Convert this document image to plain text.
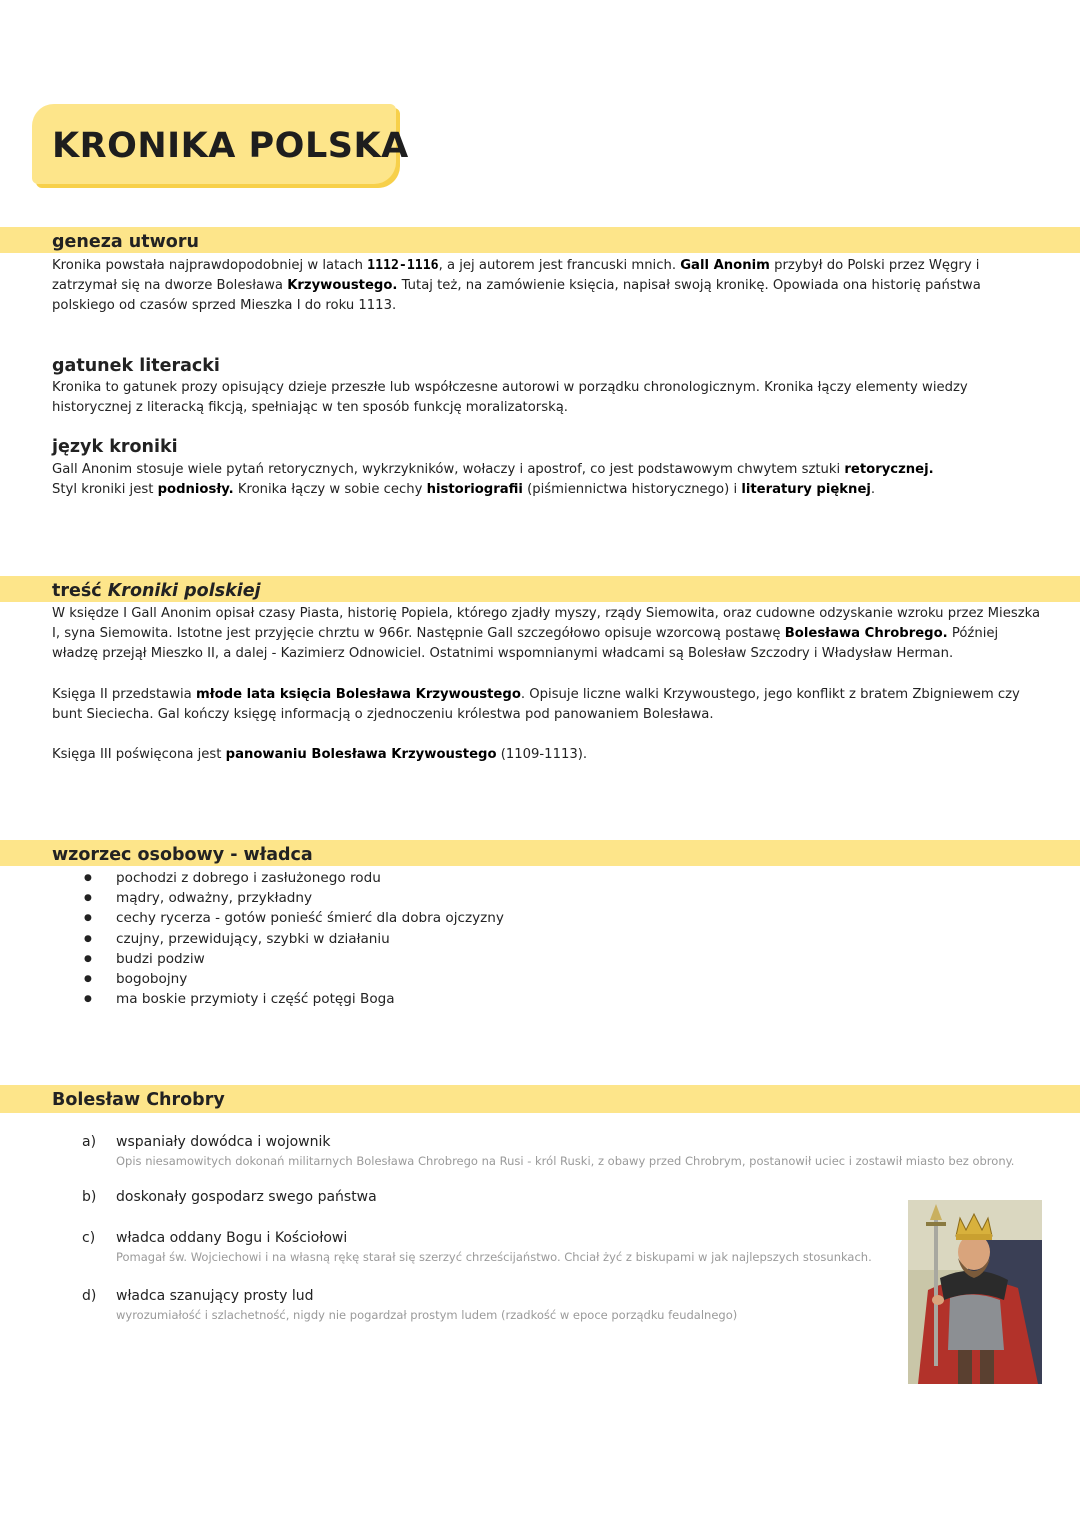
KRONIKA POLSKA
geneza utworu

Kronika powstała najprawdopodobniej w latach 1112-1116, a jej autorem jest francuski mnich. Gall Anonim przybył do Polski przez Węgry i zatrzymał się na dworze Bolesława Krzywoustego. Tutaj też, na zamówienie księcia, napisał swoją kronikę. Opowiada ona historię państwa polskiego od czasów sprzed Mieszka I do roku 1113.

gatunek literacki

Kronika to gatunek prozy opisujący dzieje przeszłe lub współczesne autorowi w porządku chronologicznym. Kronika łączy elementy wiedzy historycznej z literacką fikcją, spełniając w ten sposób funkcję moralizatorską.

język kroniki

Gall Anonim stosuje wiele pytań retorycznych, wykrzykników, wołaczy i apostrof, co jest podstawowym chwytem sztuki retorycznej.
Styl kroniki jest podniosły. Kronika łączy w sobie cechy historiografii (piśmiennictwa historycznego) i literatury pięknej.

treść Kroniki polskiej

W księdze I Gall Anonim opisał czasy Piasta, historię Popiela, którego zjadły myszy, rządy Siemowita, oraz cudowne odzyskanie wzroku przez Mieszka I, syna Siemowita. Istotne jest przyjęcie chrztu w 966r. Następnie Gall szczegółowo opisuje wzorcową postawę Bolesława Chrobrego. Później władzę przejął Mieszko II, a dalej - Kazimierz Odnowiciel. Ostatnimi wspomnianymi władcami są Bolesław Szczodry i Władysław Herman.

Księga II przedstawia młode lata księcia Bolesława Krzywoustego. Opisuje liczne walki Krzywoustego, jego konflikt z bratem Zbigniewem czy bunt Sieciecha. Gal kończy księgę informacją o zjednoczeniu królestwa pod panowaniem Bolesława.

Księga III poświęcona jest panowaniu Bolesława Krzywoustego (1109-1113).

wzorzec osobowy - władca
● pochodzi z dobrego i zasłużonego rodu
● mądry, odważny, przykładny
● cechy rycerza - gotów ponieść śmierć dla dobra ojczyzny
● czujny, przewidujący, szybki w działaniu
● budzi podziw
● bogobojny
● ma boskie przymioty i część potęgi Boga
Bolesław Chrobry
a) wspaniały dowódca i wojownik
Opis niesamowitych dokonań militarnych Bolesława Chrobrego na Rusi - król Ruski, z obawy przed Chrobrym, postanowił uciec i zostawił miasto bez obrony.
b) doskonały gospodarz swego państwa
c) władca oddany Bogu i Kościołowi
Pomagał św. Wojciechowi i na własną rękę starał się szerzyć chrześcijaństwo. Chciał żyć z biskupami w jak najlepszych stosunkach.
d) władca szanujący prosty lud
wyrozumiałość i szlachetność, nigdy nie pogardzał prostym ludem (rzadkość w epoce porządku feudalnego)
